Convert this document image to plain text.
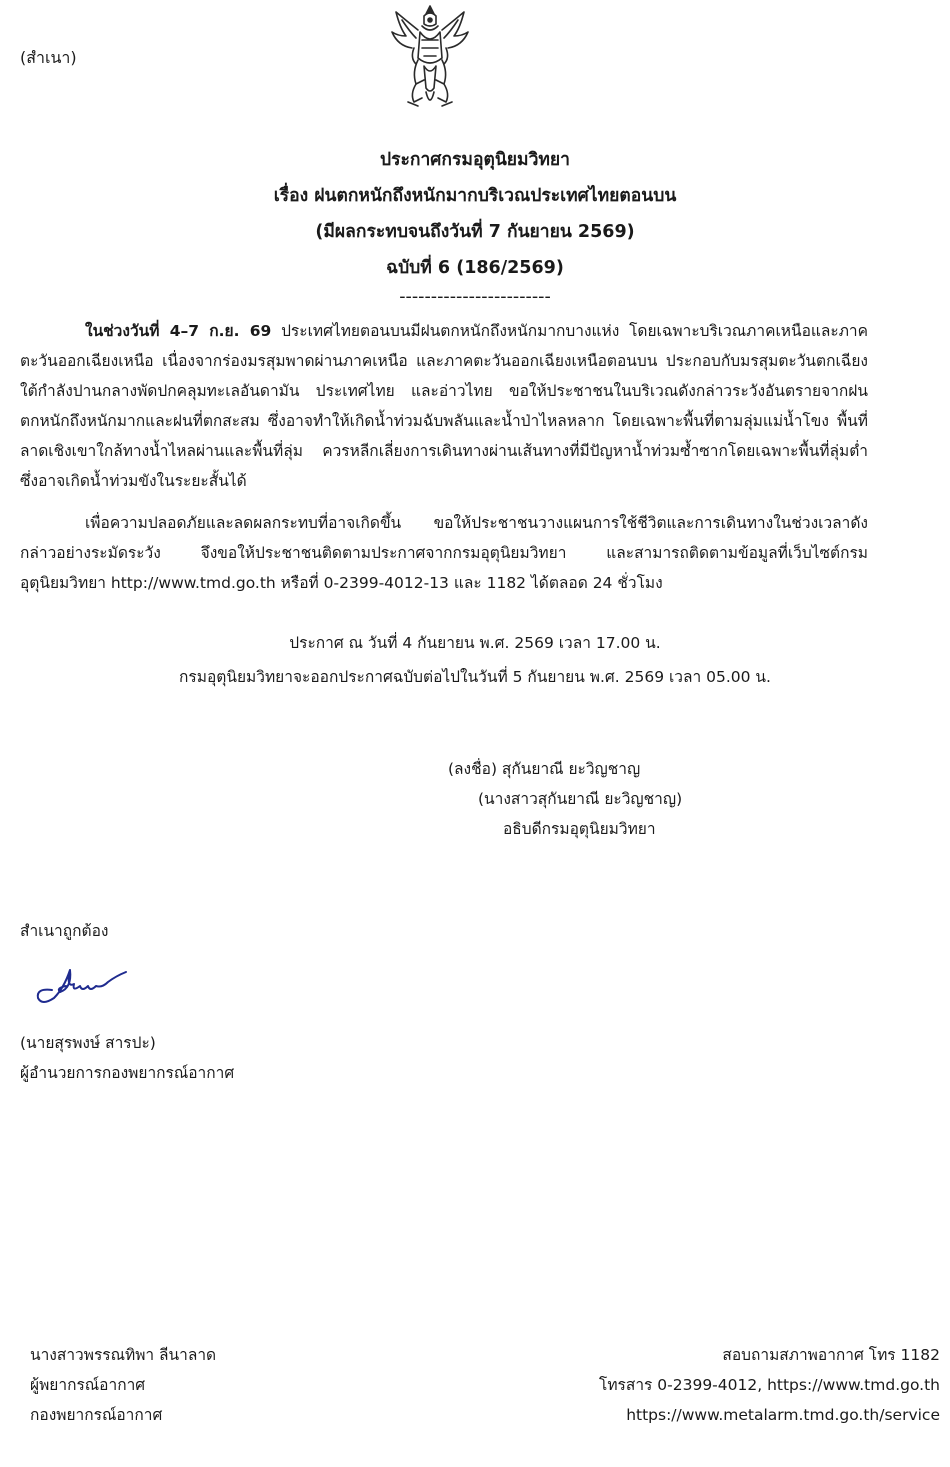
(สำเนา)
ประกาศกรมอุตุนิยมวิทยา
เรื่อง ฝนตกหนักถึงหนักมากบริเวณประเทศไทยตอนบน
(มีผลกระทบจนถึงวันที่ 7 กันยายน 2569)
ฉบับที่ 6 (186/2569)
------------------------
ในช่วงวันที่ 4–7 ก.ย. 69 ประเทศไทยตอนบนมีฝนตกหนักถึงหนักมากบางแห่ง โดยเฉพาะบริเวณภาคเหนือและภาคตะวันออกเฉียงเหนือ เนื่องจากร่องมรสุมพาดผ่านภาคเหนือ และภาคตะวันออกเฉียงเหนือตอนบน ประกอบกับมรสุมตะวันตกเฉียงใต้กำลังปานกลางพัดปกคลุมทะเลอันดามัน ประเทศไทย และอ่าวไทย ขอให้ประชาชนในบริเวณดังกล่าวระวังอันตรายจากฝนตกหนักถึงหนักมากและฝนที่ตกสะสม ซึ่งอาจทำให้เกิดน้ำท่วมฉับพลันและน้ำป่าไหลหลาก โดยเฉพาะพื้นที่ตามลุ่มแม่น้ำโขง พื้นที่ลาดเชิงเขาใกล้ทางน้ำไหลผ่านและพื้นที่ลุ่ม ควรหลีกเลี่ยงการเดินทางผ่านเส้นทางที่มีปัญหาน้ำท่วมซ้ำซากโดยเฉพาะพื้นที่ลุ่มต่ำ ซึ่งอาจเกิดน้ำท่วมขังในระยะสั้นได้
เพื่อความปลอดภัยและลดผลกระทบที่อาจเกิดขึ้น ขอให้ประชาชนวางแผนการใช้ชีวิตและการเดินทางในช่วงเวลาดังกล่าวอย่างระมัดระวัง จึงขอให้ประชาชนติดตามประกาศจากกรมอุตุนิยมวิทยา และสามารถติดตามข้อมูลที่เว็บไซต์กรมอุตุนิยมวิทยา http://www.tmd.go.th หรือที่ 0-2399-4012-13 และ 1182 ได้ตลอด 24 ชั่วโมง
ประกาศ ณ วันที่ 4 กันยายน พ.ศ. 2569 เวลา 17.00 น.
กรมอุตุนิยมวิทยาจะออกประกาศฉบับต่อไปในวันที่ 5 กันยายน พ.ศ. 2569 เวลา 05.00 น.
(ลงชื่อ) สุกันยาณี ยะวิญชาญ
(นางสาวสุกันยาณี ยะวิญชาญ)
อธิบดีกรมอุตุนิยมวิทยา
สำเนาถูกต้อง
(นายสุรพงษ์ สารปะ)
ผู้อำนวยการกองพยากรณ์อากาศ
นางสาวพรรณทิพา ลีนาลาด
ผู้พยากรณ์อากาศ
กองพยากรณ์อากาศ
สอบถามสภาพอากาศ โทร 1182
โทรสาร 0-2399-4012, https://www.tmd.go.th
https://www.metalarm.tmd.go.th/service
